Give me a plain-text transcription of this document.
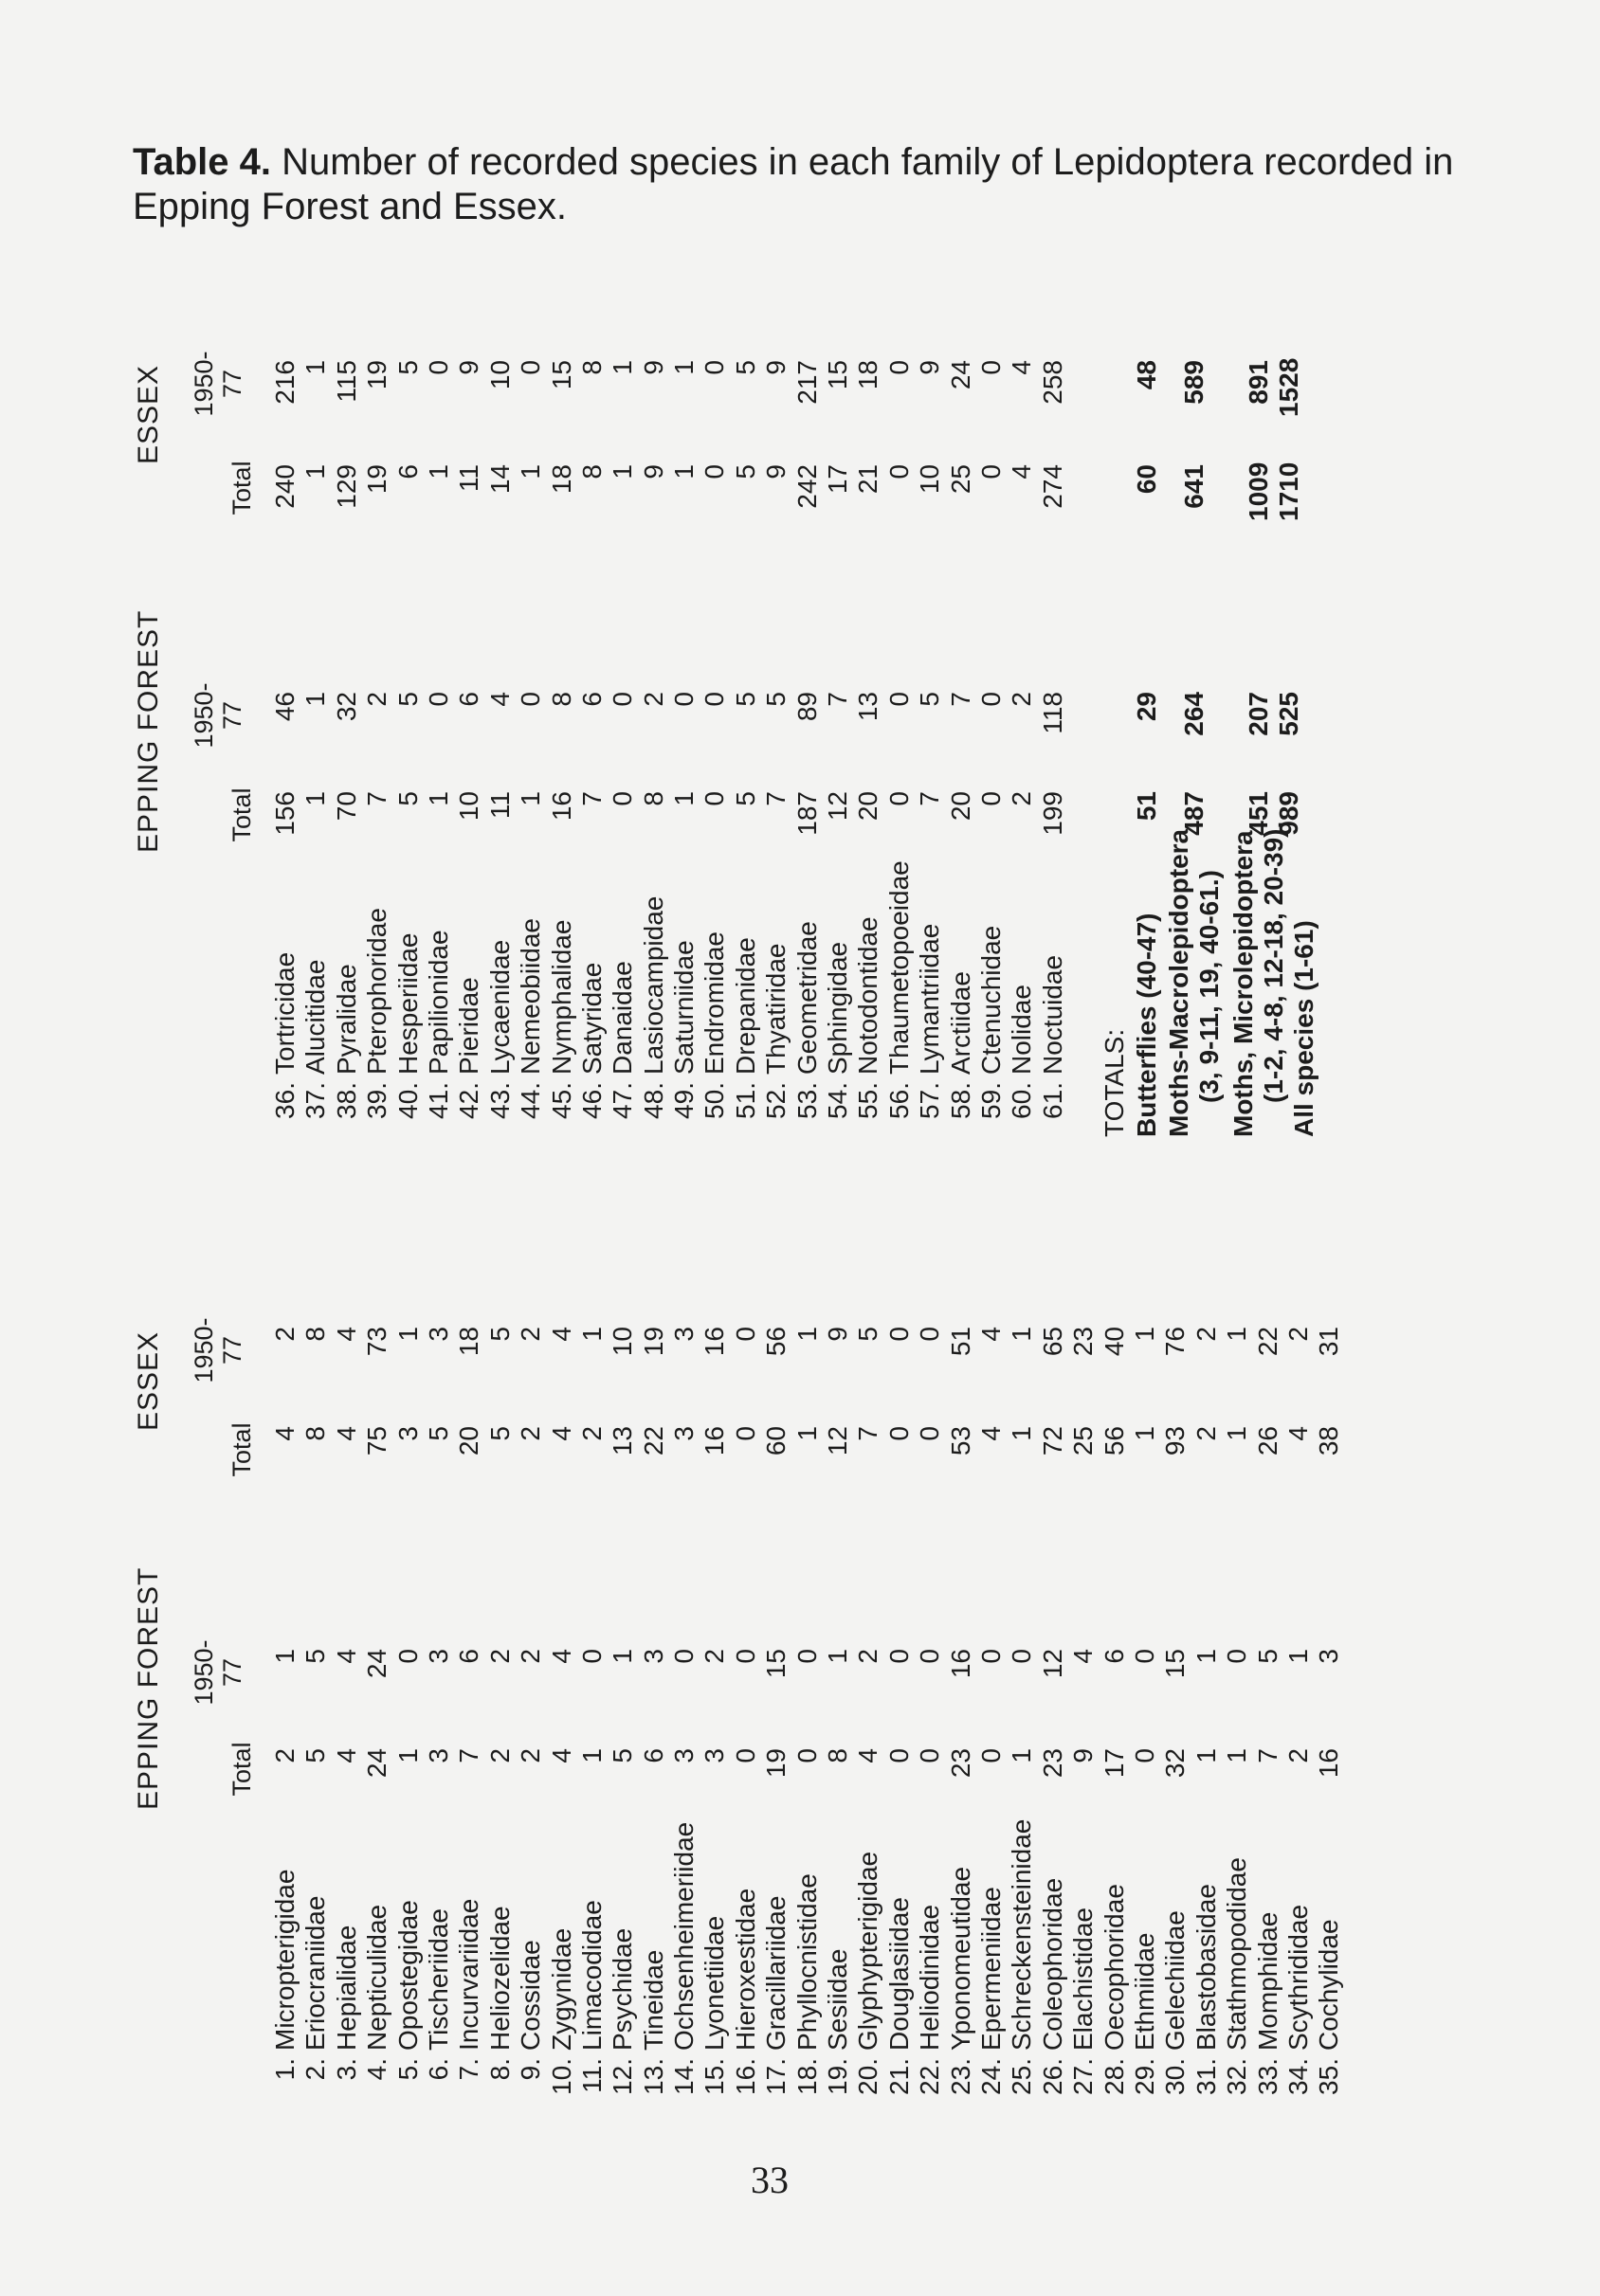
Table 4. Number of recorded species in each family of Lepidoptera recorded in Epping Forest and Essex.
EPPING FOREST
ESSEX

Total
1950-
77

Total
1950-
77
1.
Micropterigidae
2
1
4
2
2.
Eriocraniidae
5
5
8
8
3.
Hepialidae
4
4
4
4
4.
Nepticulidae
24
24
75
73
5.
Opostegidae
1
0
3
1
6.
Tischeriidae
3
3
5
3
7.
Incurvariidae
7
6
20
18
8.
Heliozelidae
2
2
5
5
9.
Cossidae
2
2
2
2
10.
Zygynidae
4
4
4
4
11.
Limacodidae
1
0
2
1
12.
Psychidae
5
1
13
10
13.
Tineidae
6
3
22
19
14.
Ochsenheimeriidae
3
0
3
3
15.
Lyonetiidae
3
2
16
16
16.
Hieroxestidae
0
0
0
0
17.
Gracillariidae
19
15
60
56
18.
Phyllocnistidae
0
0
1
1
19.
Sesiidae
8
1
12
9
20.
Glyphypterigidae
4
2
7
5
21.
Douglasiidae
0
0
0
0
22.
Heliodinidae
0
0
0
0
23.
Yponomeutidae
23
16
53
51
24.
Epermeniidae
0
0
4
4
25.
Schreckensteinidae
1
0
1
1
26.
Coleophoridae
23
12
72
65
27.
Elachistidae
9
4
25
23
28.
Oecophoridae
17
6
56
40
29.
Ethmiidae
0
0
1
1
30.
Gelechiidae
32
15
93
76
31.
Blastobasidae
1
1
2
2
32.
Stathmopodidae
1
0
1
1
33.
Momphidae
7
5
26
22
34.
Scythrididae
2
1
4
2
35.
Cochylidae
16
3
38
31
EPPING FOREST
ESSEX

Total
1950-
77

Total
1950-
77
36.
Tortricidae
156
46
240
216
37.
Alucitidae
1
1
1
1
38.
Pyralidae
70
32
129
115
39.
Pterophoridae
7
2
19
19
40.
Hesperiidae
5
5
6
5
41.
Papilionidae
1
0
1
0
42.
Pieridae
10
6
11
9
43.
Lycaenidae
11
4
14
10
44.
Nemeobiidae
1
0
1
0
45.
Nymphalidae
16
8
18
15
46.
Satyridae
7
6
8
8
47.
Danaidae
0
0
1
1
48.
Lasiocampidae
8
2
9
9
49.
Saturniidae
1
0
1
1
50.
Endromidae
0
0
0
0
51.
Drepanidae
5
5
5
5
52.
Thyatiridae
7
5
9
9
53.
Geometridae
187
89
242
217
54.
Sphingidae
12
7
17
15
55.
Notodontidae
20
13
21
18
56.
Thaumetopoeidae
0
0
0
0
57.
Lymantriidae
7
5
10
9
58.
Arctiidae
20
7
25
24
59.
Ctenuchidae
0
0
0
0
60.
Nolidae
2
2
4
4
61.
Noctuidae
199
118
274
258
TOTALS: Butterflies (40-47)
51
29
60
48
Moths-Macrolepidoptera (3, 9-11, 19, 40-61.)
487
264
641
589
Moths, Microlepidoptera (1-2, 4-8, 12-18, 20-39).
451
207
1009
891
All species (1-61)
989
525
1710
1528
33
